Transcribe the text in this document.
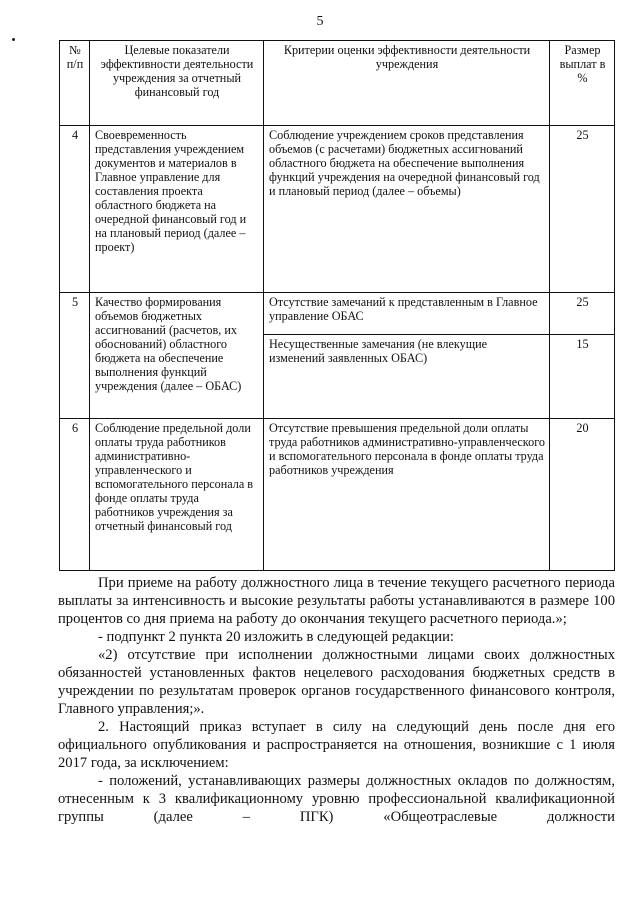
5
№ п/п	Целевые показатели эффективности деятельности учреждения за отчетный финансовый год	Критерии оценки эффективности деятельности учреждения	Размер выплат в %
4	Своевременность представления учреждением документов и материалов в Главное управление для составления проекта областного бюджета на очередной финансовый год и на плановый период (далее – проект)	Соблюдение учреждением сроков представления объемов (с расчетами) бюджетных ассигнований областного бюджета на обеспечение выполнения функций учреждения на очередной финансовый год и плановый период (далее – объемы)	25
5	Качество формирования объемов бюджетных ассигнований (расчетов, их обоснований) областного бюджета на обеспечение выполнения функций учреждения (далее – ОБАС)	Отсутствие замечаний к представленным в Главное управление ОБАС	25
		Несущественные замечания (не влекущие изменений заявленных ОБАС)	15
6	Соблюдение предельной доли оплаты труда работников административно-управленческого и вспомогательного персонала в фонде оплаты труда работников учреждения за отчетный финансовый год	Отсутствие превышения предельной доли оплаты труда работников административно-управленческого и вспомогательного персонала в фонде оплаты труда работников учреждения	20

При приеме на работу должностного лица в течение текущего расчетного периода выплаты за интенсивность и высокие результаты работы устанавливаются в размере 100 процентов со дня приема на работу до окончания текущего расчетного периода.»;

- подпункт 2 пункта 20 изложить в следующей редакции:

«2) отсутствие при исполнении должностными лицами своих должностных обязанностей установленных фактов нецелевого расходования бюджетных средств в учреждении по результатам проверок органов государственного финансового контроля, Главного управления;».

2. Настоящий приказ вступает в силу на следующий день после дня его официального опубликования и распространяется на отношения, возникшие с 1 июля 2017 года, за исключением:

- положений, устанавливающих размеры должностных окладов по должностям, отнесенным к 3 квалификационному уровню профессиональной квалификационной группы (далее – ПГК) «Общеотраслевые должности
